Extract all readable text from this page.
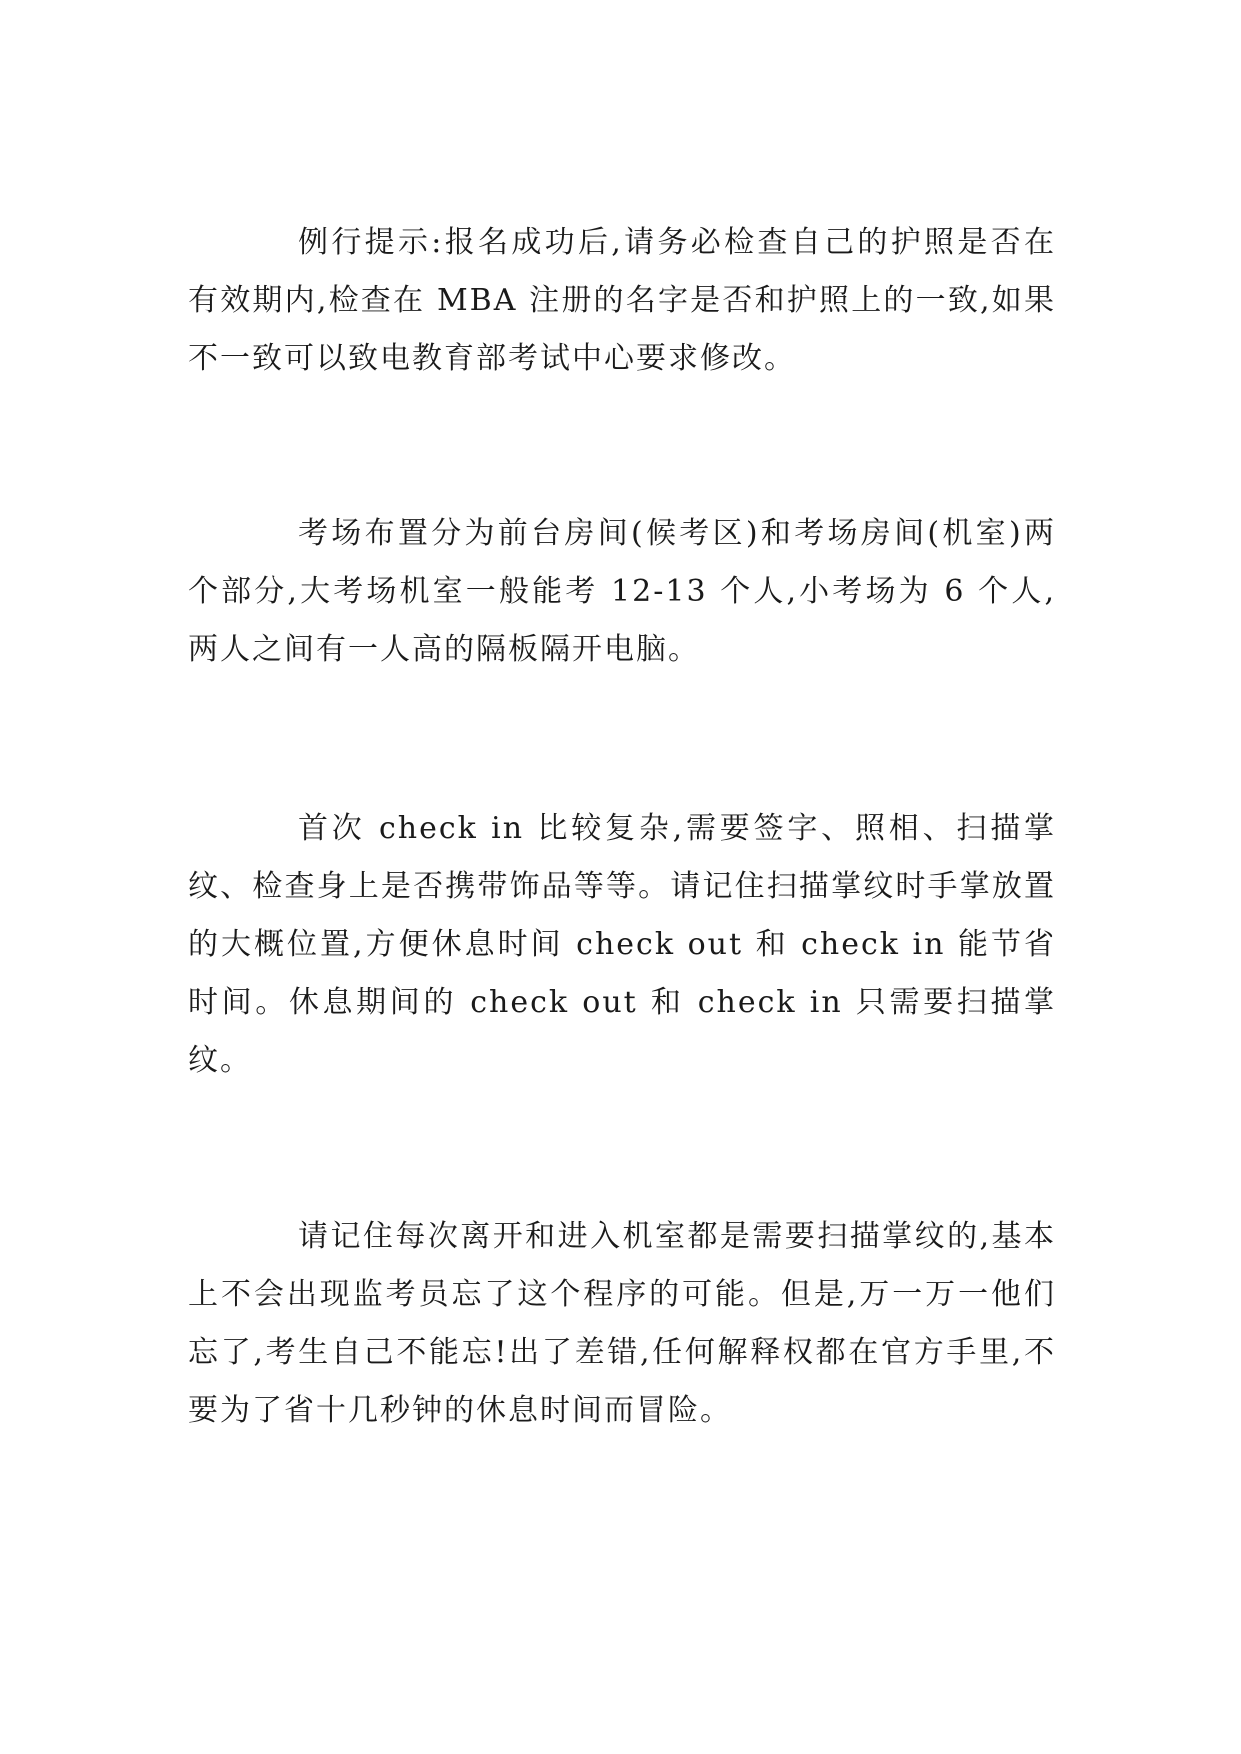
例行提示:报名成功后,请务必检查自己的护照是否在有效期内,检查在 MBA 注册的名字是否和护照上的一致,如果不一致可以致电教育部考试中心要求修改。

考场布置分为前台房间(候考区)和考场房间(机室)两个部分,大考场机室一般能考 12-13 个人,小考场为 6 个人,两人之间有一人高的隔板隔开电脑。

首次 check in 比较复杂,需要签字、照相、扫描掌纹、检查身上是否携带饰品等等。请记住扫描掌纹时手掌放置的大概位置,方便休息时间 check out 和 check in 能节省时间。休息期间的 check out 和 check in 只需要扫描掌纹。

请记住每次离开和进入机室都是需要扫描掌纹的,基本上不会出现监考员忘了这个程序的可能。但是,万一万一他们忘了,考生自己不能忘!出了差错,任何解释权都在官方手里,不要为了省十几秒钟的休息时间而冒险。
